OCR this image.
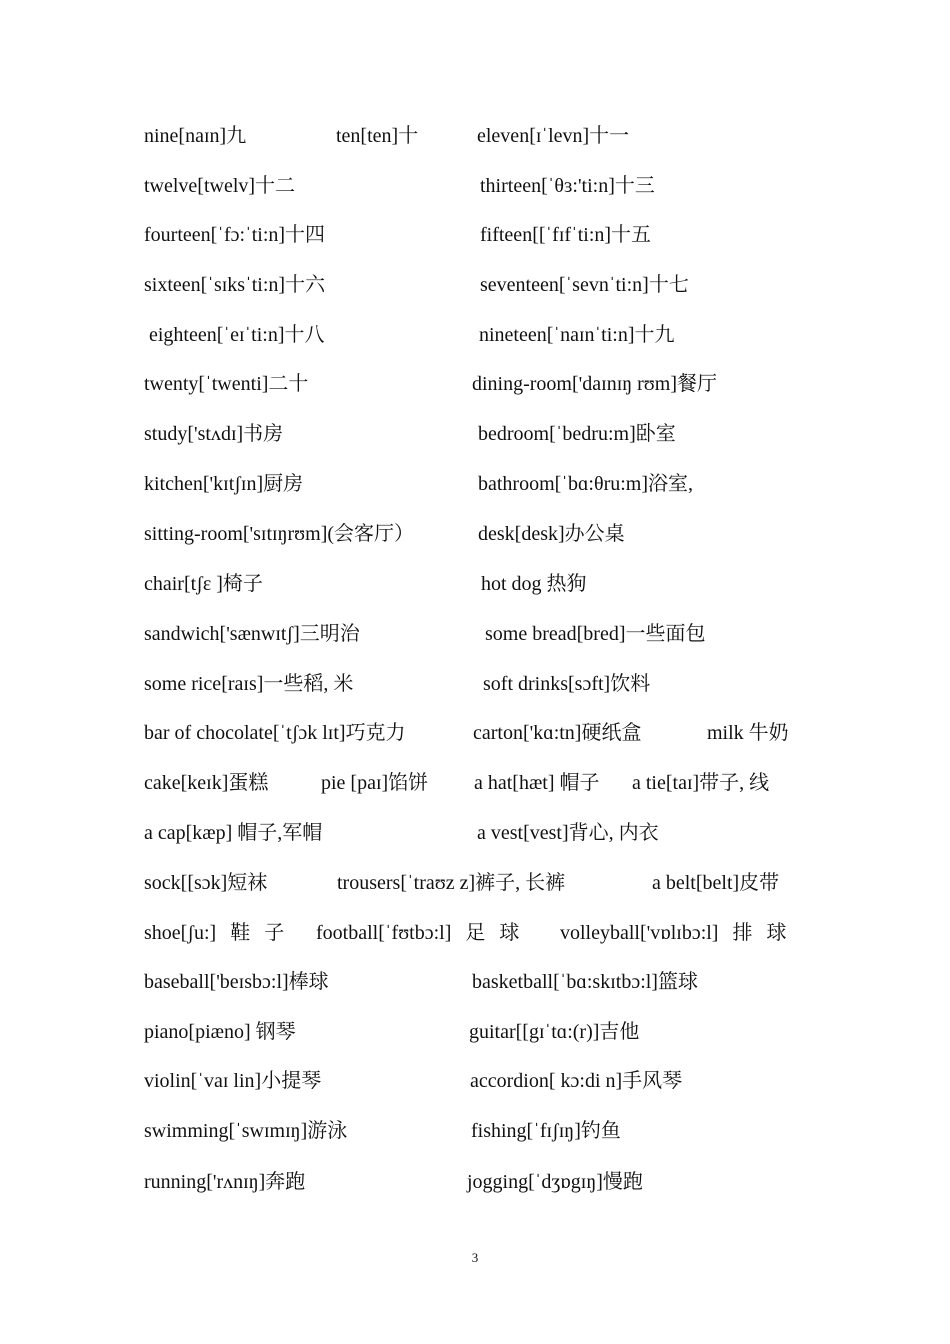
nine[naɪn]九	ten[ten]十	eleven[ɪˈlevn]十一
twelve[twelv]十二	thirteen[ˈθɜ:'ti:n]十三
fourteen[ˈfɔ:ˈti:n]十四	fifteen[[ˈfɪfˈti:n]十五
sixteen[ˈsɪksˈti:n]十六	seventeen[ˈsevnˈti:n]十七
eighteen[ˈeɪˈti:n]十八	nineteen[ˈnaɪnˈti:n]十九
twenty[ˈtwenti]二十	dining-room['daɪnɪŋ rʊm]餐厅
study['stʌdɪ]书房	bedroom[ˈbedru:m]卧室
kitchen['kɪtʃɪn]厨房	bathroom[ˈbɑ:θru:m]浴室,
sitting-room['sɪtɪŋrʊm](会客厅）	desk[desk]办公桌
chair[tʃɛ ]椅子	hot dog 热狗
sandwich['sænwɪtʃ]三明治	some bread[bred]一些面包
some rice[raɪs]一些稻, 米	soft drinks[sɔft]饮料
bar of chocolate[ˈtʃɔk lɪt]巧克力	carton['kɑ:tn]硬纸盒	milk 牛奶
cake[keɪk]蛋糕	pie [paɪ]馅饼 a hat[hæt] 帽子 a tie[taɪ]带子, 线
a cap[kæp] 帽子,军帽	a vest[vest]背心, 内衣
sock[[sɔk]短袜	trousers[ˈtraʊz z]裤子, 长裤	a belt[belt]皮带
shoe[ʃu:] 鞋 子 football[ˈfʊtbɔ:l] 足 球 volleyball['vɒlɪbɔ:l] 排 球
baseball['beɪsbɔ:l]棒球	basketball[ˈbɑ:skɪtbɔ:l]篮球
piano[piæno] 钢琴	guitar[[gɪˈtɑ:(r)]吉他
violin[ˈvaɪ lin]小提琴	accordion[ kɔ:di n]手风琴
swimming[ˈswɪmɪŋ]游泳	fishing[ˈfɪʃɪŋ]钓鱼
running['rʌnɪŋ]奔跑	jogging[ˈdʒɒgɪŋ]慢跑
3
